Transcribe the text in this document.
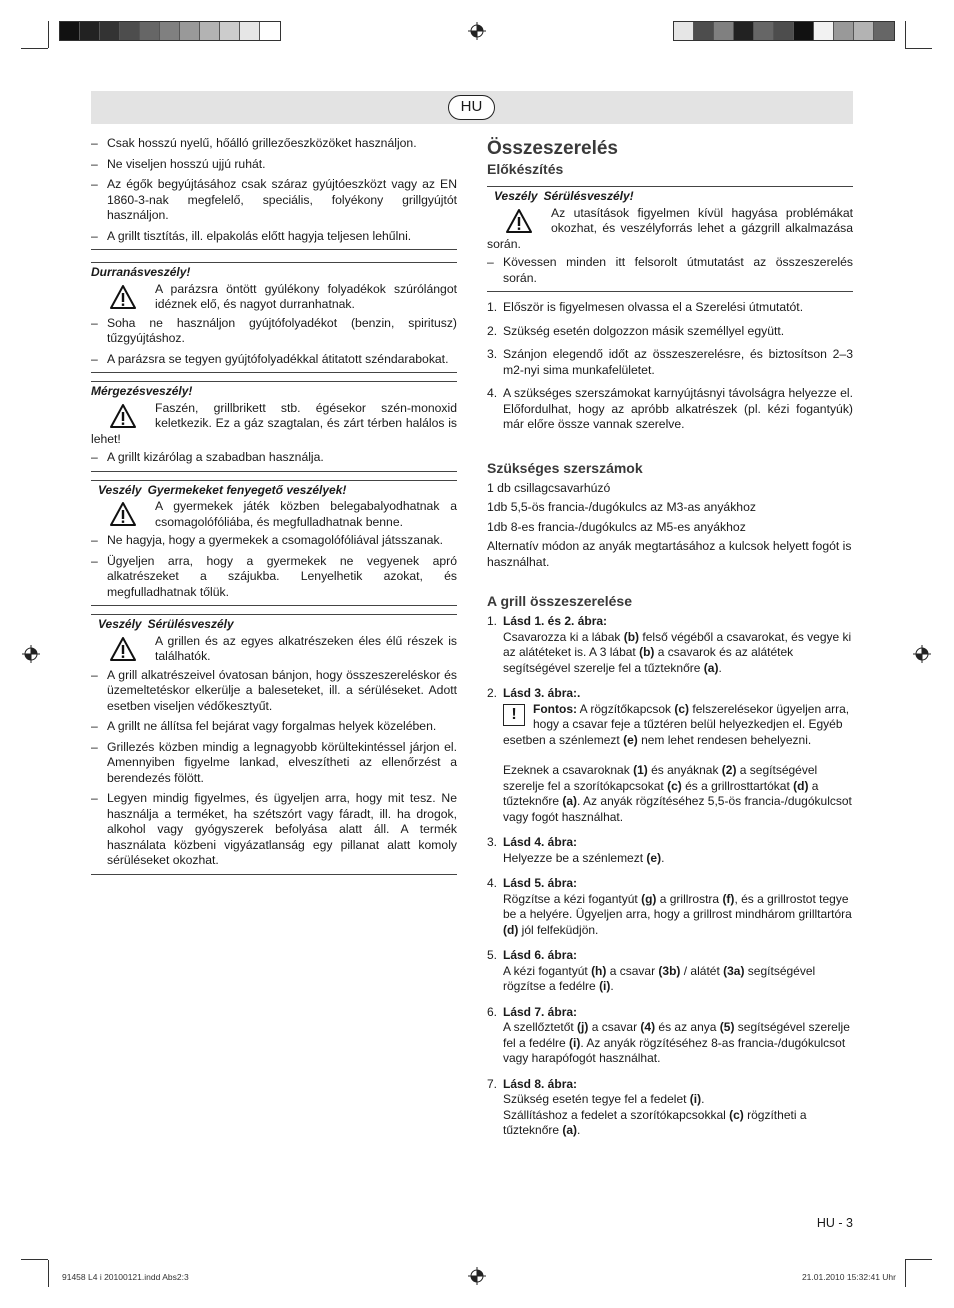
HU
– Csak hosszú nyelű, hőálló grillezőeszközöket használjon.
– Ne viseljen hosszú ujjú ruhát.
– Az égők begyújtásához csak száraz gyújtóeszközt vagy az EN 1860-3-nak megfelelő, speciális, folyékony grillgyújtót használjon.
– A grillt tisztítás, ill. elpakolás előtt hagyja teljesen lehűlni.
Durranásveszély!
A parázsra öntött gyúlékony folyadékok szúrólángot idéznek elő, és nagyot durranhatnak.
– Soha ne használjon gyújtófolyadékot (benzin, spiritusz) tűzgyújtáshoz.
– A parázsra se tegyen gyújtófolyadékkal átitatott széndarabokat.
Mérgezésveszély!
Faszén, grillbrikett stb. égésekor szén-monoxid keletkezik. Ez a gáz szagtalan, és zárt térben halálos is lehet!
– A grillt kizárólag a szabadban használja.
Veszély Gyermekeket fenyegető veszélyek!
A gyermekek játék közben belegabalyodhatnak a csomagolófóliába, és megfulladhatnak benne.
– Ne hagyja, hogy a gyermekek a csomagolófóliával játsszanak.
– Ügyeljen arra, hogy a gyermekek ne vegyenek apró alkatrészeket a szájukba. Lenyelhetik azokat, és megfulladhatnak tőlük.
Veszély Sérülésveszély
A grillen és az egyes alkatrészeken éles élű részek is találhatók.
– A grill alkatrészeivel óvatosan bánjon, hogy összeszereléskor és üzemeltetéskor elkerülje a baleseteket, ill. a sérüléseket. Adott esetben viseljen védőkesztyűt.
– A grillt ne állítsa fel bejárat vagy forgalmas helyek közelében.
– Grillezés közben mindig a legnagyobb körültekintéssel járjon el. Amennyiben figyelme lankad, elveszítheti az ellenőrzést a berendezés fölött.
– Legyen mindig figyelmes, és ügyeljen arra, hogy mit tesz. Ne használja a terméket, ha szétszórt vagy fáradt, ill. ha drogok, alkohol vagy gyógyszerek befolyása alatt áll. A termék használata közbeni vigyázatlanság egy pillanat alatt komoly sérüléseket okozhat.
Összeszerelés
Előkészítés
Veszély Sérülésveszély!
Az utasítások figyelmen kívül hagyása problémákat okozhat, és veszélyforrás lehet a gázgrill alkalmazása során.
– Kövessen minden itt felsorolt útmutatást az összeszerelés során.
1. Először is figyelmesen olvassa el a Szerelési útmutatót.
2. Szükség esetén dolgozzon másik személlyel együtt.
3. Szánjon elegendő időt az összeszerelésre, és biztosítson 2–3 m2-nyi sima munkafelületet.
4. A szükséges szerszámokat karnyújtásnyi távolságra helyezze el. Előfordulhat, hogy az apróbb alkatrészek (pl. kézi fogantyúk) már előre össze vannak szerelve.
Szükséges szerszámok
1 db csillagcsavarhúzó
1db 5,5-ös francia-/dugókulcs az M3-as anyákhoz
1db 8-es francia-/dugókulcs az M5-es anyákhoz
Alternatív módon az anyák megtartásához a kulcsok helyett fogót is használhat.
A grill összeszerelése
1. Lásd 1. és 2. ábra:

Csavarozza ki a lábak (b) felső végéből a csavarokat, és vegye ki az alátéteket is. A 3 lábat (b) a csavarok és az alátétek segítségével szerelje fel a tűzteknőre (a).

2. Lásd 3. ábra:.

!	Fontos: A rögzítőkapcsok (c) felszerelésekor ügyeljen arra, hogy a csavar feje a tűztéren belül helyezkedjen el. Egyéb esetben a szénlemezt (e) nem lehet rendesen behelyezni.

Ezeknek a csavaroknak (1) és anyáknak (2) a segítségével szerelje fel a szorítókapcsokat (c) és a grillrosttartókat (d) a tűzteknőre (a). Az anyák rögzítéséhez 5,5-ös francia-/dugókulcsot vagy fogót használhat.

3. Lásd 4. ábra:

Helyezze be a szénlemezt (e).

4. Lásd 5. ábra:

Rögzítse a kézi fogantyút (g) a grillrostra (f), és a grillrostot tegye be a helyére. Ügyeljen arra, hogy a grillrost mindhárom grilltartóra (d) jól felfeküdjön.

5. Lásd 6. ábra:

A kézi fogantyút (h) a csavar (3b) / alátét (3a) segítségével rögzítse a fedélre (i).

6. Lásd 7. ábra:

A szellőztetőt (j) a csavar (4) és az anya (5) segítségével szerelje fel a fedélre (i). Az anyák rögzítéséhez 8-as francia-/dugókulcsot vagy harapófogót használhat.

7. Lásd 8. ábra:

Szükség esetén tegye fel a fedelet (i).
Szállításhoz a fedelet a szorítókapcsokkal (c) rögzítheti a tűzteknőre (a).

HU - 3
91458 L4 i 20100121.indd Abs2:3	21.01.2010 15:32:41 Uhr
